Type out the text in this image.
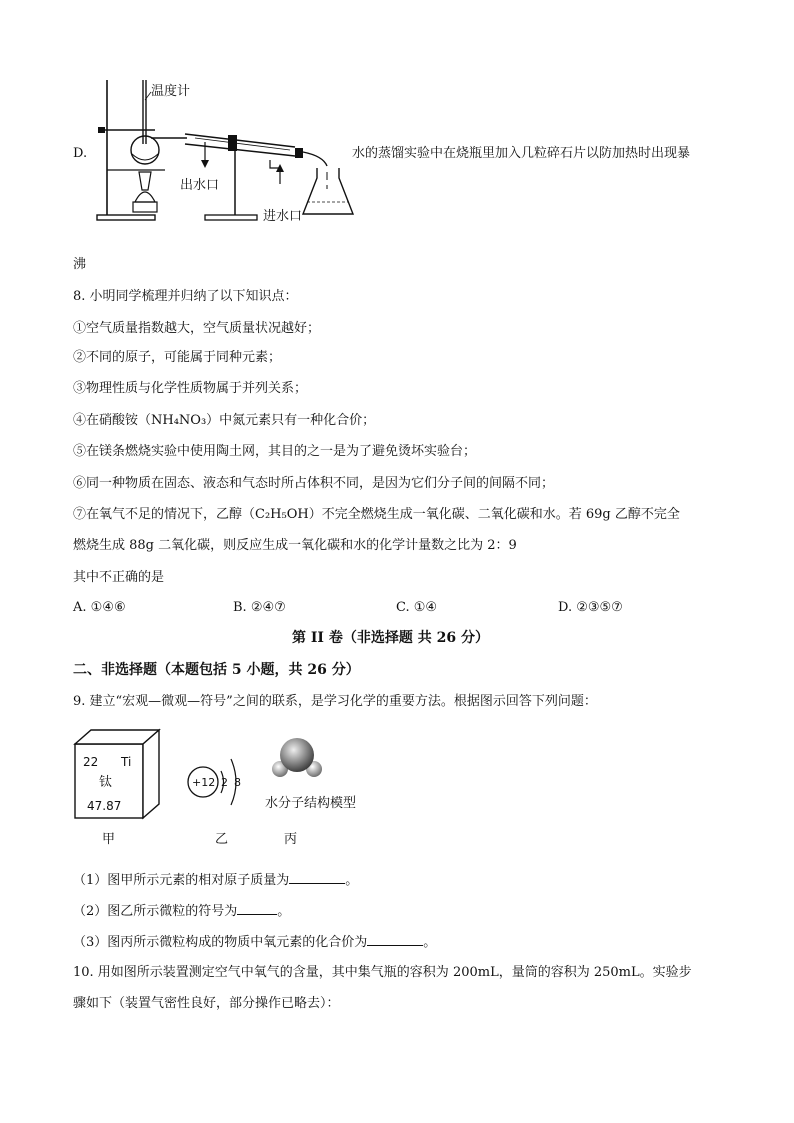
D.
出水口
进水口
温度计
水的蒸馏实验中在烧瓶里加入几粒碎石片以防加热时出现暴
沸
8. 小明同学梳理并归纳了以下知识点：
①空气质量指数越大，空气质量状况越好；
②不同的原子，可能属于同种元素；
③物理性质与化学性质物属于并列关系；
④在硝酸铵（NH₄NO₃）中氮元素只有一种化合价；
⑤在镁条燃烧实验中使用陶土网，其目的之一是为了避免烫坏实验台；
⑥同一种物质在固态、液态和气态时所占体积不同，是因为它们分子间的间隔不同；
⑦在氧气不足的情况下，乙醇（C₂H₅OH）不完全燃烧生成一氧化碳、二氧化碳和水。若 69g 乙醇不完全
燃烧生成 88g 二氧化碳，则反应生成一氧化碳和水的化学计量数之比为 2：9
其中不正确的是
A. ①④⑥	B. ②④⑦	C. ①④	D. ②③⑤⑦
第 II 卷（非选择题 共 26 分）
二、非选择题（本题包括 5 小题，共 26 分）
9. 建立“宏观—微观—符号”之间的联系，是学习化学的重要方法。根据图示回答下列问题：
22 Ti
钛
47.87
+12 2 8
水分子结构模型
甲	乙	丙
（1）图甲所示元素的相对原子质量为	。
（2）图乙所示微粒的符号为	。
（3）图丙所示微粒构成的物质中氧元素的化合价为	。
10. 用如图所示装置测定空气中氧气的含量，其中集气瓶的容积为 200mL，量筒的容积为 250mL。实验步
骤如下（装置气密性良好，部分操作已略去）：
